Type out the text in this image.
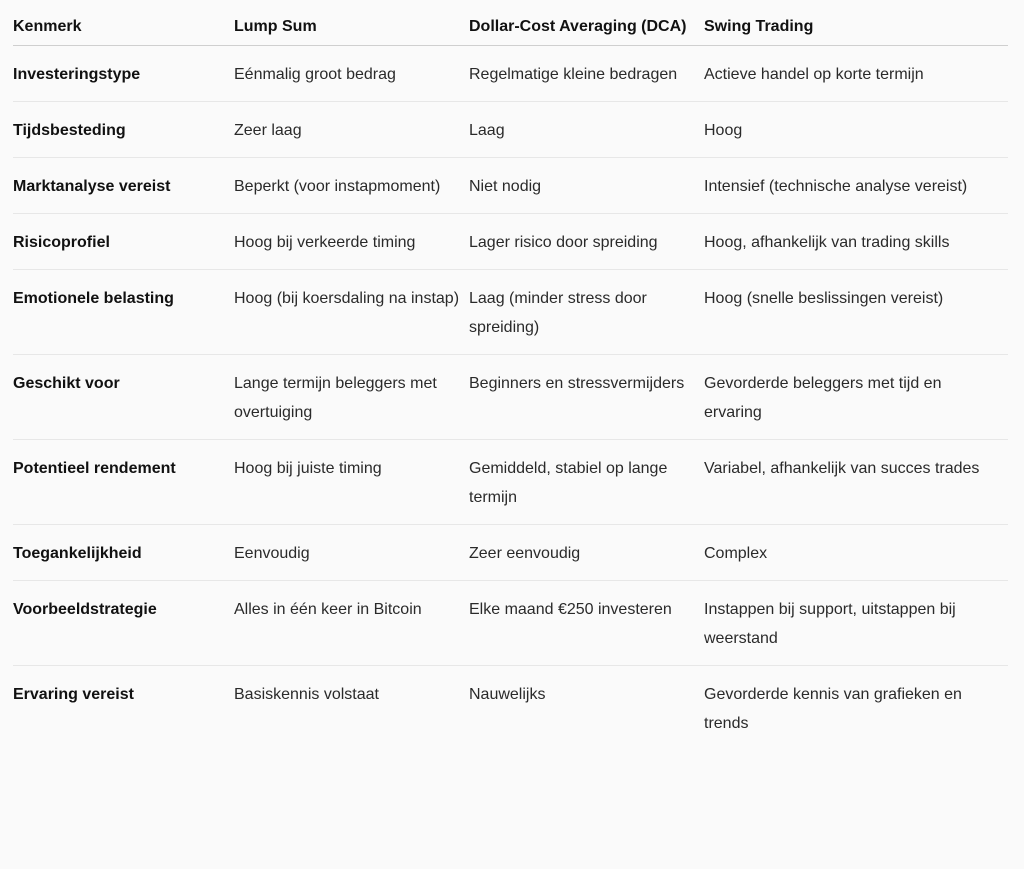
Kenmerk	Lump Sum	Dollar-Cost Averaging (DCA)	Swing Trading

Investeringstype	Eénmalig groot bedrag	Regelmatige kleine bedragen	Actieve handel op korte termijn

Tijdsbesteding	Zeer laag	Laag	Hoog

Marktanalyse vereist	Beperkt (voor instapmoment)	Niet nodig	Intensief (technische analyse vereist)

Risicoprofiel	Hoog bij verkeerde timing	Lager risico door spreiding	Hoog, afhankelijk van trading skills

Emotionele belasting	Hoog (bij koersdaling na instap)	Laag (minder stress door spreiding)	Hoog (snelle beslissingen vereist)

Geschikt voor	Lange termijn beleggers met overtuiging	Beginners en stressvermijders	Gevorderde beleggers met tijd en ervaring

Potentieel rendement	Hoog bij juiste timing	Gemiddeld, stabiel op lange termijn	Variabel, afhankelijk van succes trades

Toegankelijkheid	Eenvoudig	Zeer eenvoudig	Complex

Voorbeeldstrategie	Alles in één keer in Bitcoin	Elke maand €250 investeren	Instappen bij support, uitstappen bij weerstand

Ervaring vereist	Basiskennis volstaat	Nauwelijks	Gevorderde kennis van grafieken en trends
